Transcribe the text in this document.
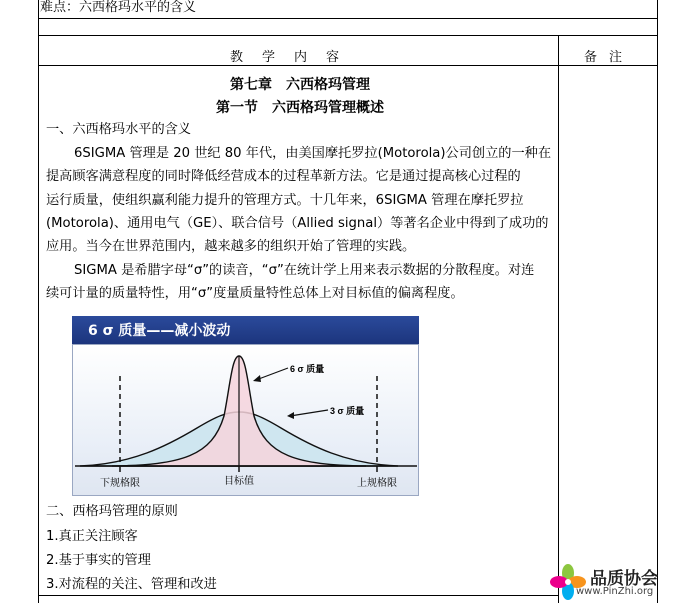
难点：六西格玛水平的含义
教学内容	备注
第七章　六西格玛管理
第一节　六西格玛管理概述
一、六西格玛水平的含义
6SIGMA 管理是 20 世纪 80 年代，由美国摩托罗拉(Motorola)公司创立的一种在
提高顾客满意程度的同时降低经营成本的过程革新方法。它是通过提高核心过程的
运行质量，使组织赢利能力提升的管理方式。十几年来，6SIGMA 管理在摩托罗拉
(Motorola)、通用电气（GE）、联合信号（Allied signal）等著名企业中得到了成功的
应用。当今在世界范围内，越来越多的组织开始了管理的实践。
SIGMA 是希腊字母“σ”的读音，“σ”在统计学上用来表示数据的分散程度。对连
续可计量的质量特性，用“σ”度量质量特性总体上对目标值的偏离程度。
6 σ 质量——减小波动
6 σ 质量
3 σ 质量
下规格限	目标值	上规格限
二、西格玛管理的原则
1.真正关注顾客
2.基于事实的管理
3.对流程的关注、管理和改进	品质协会
www.PinZhi.org
